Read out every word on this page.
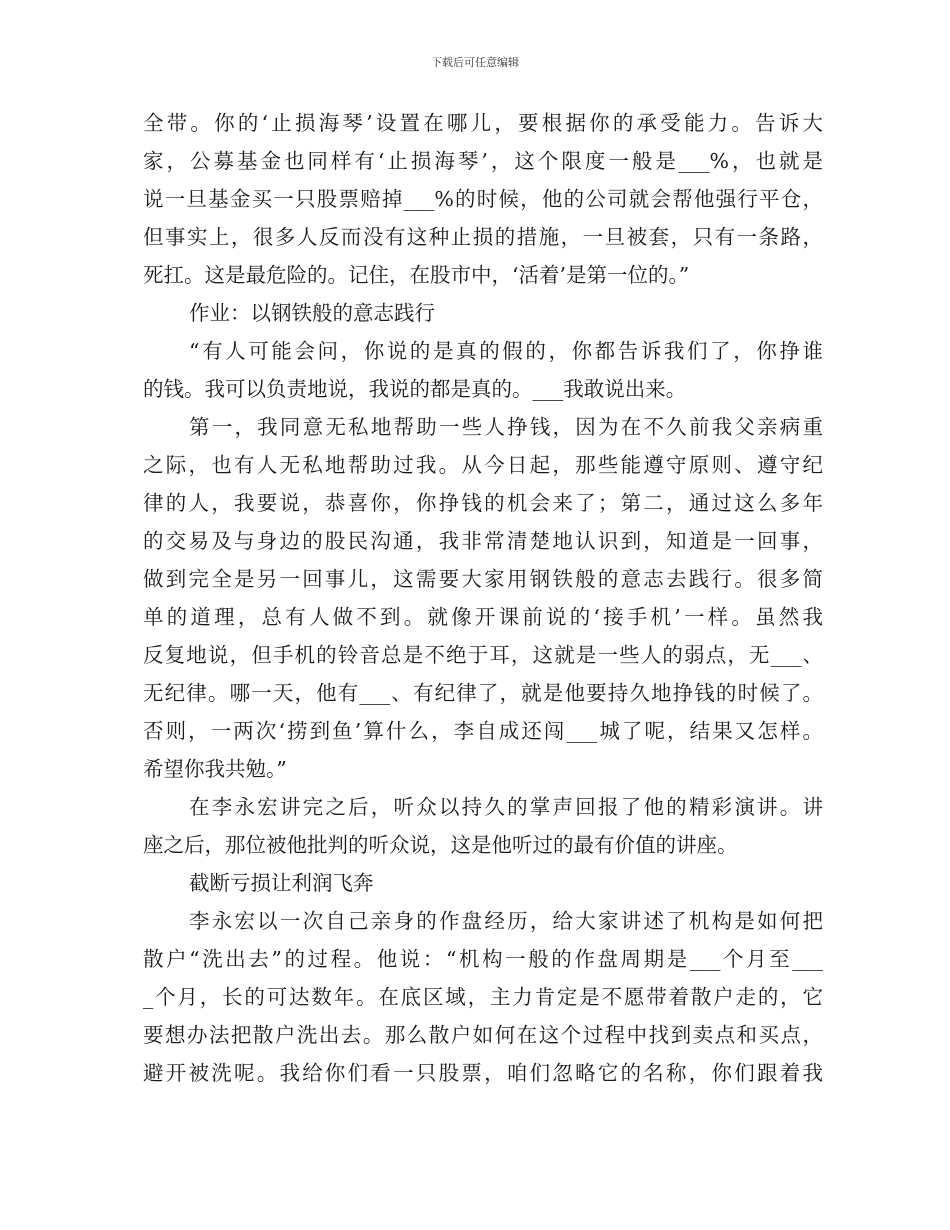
下载后可任意编辑
全带。你的‘止损海琴’设置在哪儿，要根据你的承受能力。告诉大
家，公募基金也同样有‘止损海琴’，这个限度一般是___%，也就是
说一旦基金买一只股票赔掉___%的时候，他的公司就会帮他强行平仓，
但事实上，很多人反而没有这种止损的措施，一旦被套，只有一条路，
死扛。这是最危险的。记住，在股市中，‘活着’是第一位的。”
作业：以钢铁般的意志践行
“有人可能会问，你说的是真的假的，你都告诉我们了，你挣谁
的钱。我可以负责地说，我说的都是真的。___我敢说出来。
第一，我同意无私地帮助一些人挣钱，因为在不久前我父亲病重
之际，也有人无私地帮助过我。从今日起，那些能遵守原则、遵守纪
律的人，我要说，恭喜你，你挣钱的机会来了；第二，通过这么多年
的交易及与身边的股民沟通，我非常清楚地认识到，知道是一回事，
做到完全是另一回事儿，这需要大家用钢铁般的意志去践行。很多简
单的道理，总有人做不到。就像开课前说的‘接手机’一样。虽然我
反复地说，但手机的铃音总是不绝于耳，这就是一些人的弱点，无___、
无纪律。哪一天，他有___、有纪律了，就是他要持久地挣钱的时候了。
否则，一两次‘捞到鱼’算什么，李自成还闯___城了呢，结果又怎样。
希望你我共勉。”
在李永宏讲完之后，听众以持久的掌声回报了他的精彩演讲。讲
座之后，那位被他批判的听众说，这是他听过的最有价值的讲座。
截断亏损让利润飞奔
李永宏以一次自己亲身的作盘经历，给大家讲述了机构是如何把
散户“洗出去”的过程。他说：“机构一般的作盘周期是___个月至___
_个月，长的可达数年。在底区域，主力肯定是不愿带着散户走的，它
要想办法把散户洗出去。那么散户如何在这个过程中找到卖点和买点，
避开被洗呢。我给你们看一只股票，咱们忽略它的名称，你们跟着我
